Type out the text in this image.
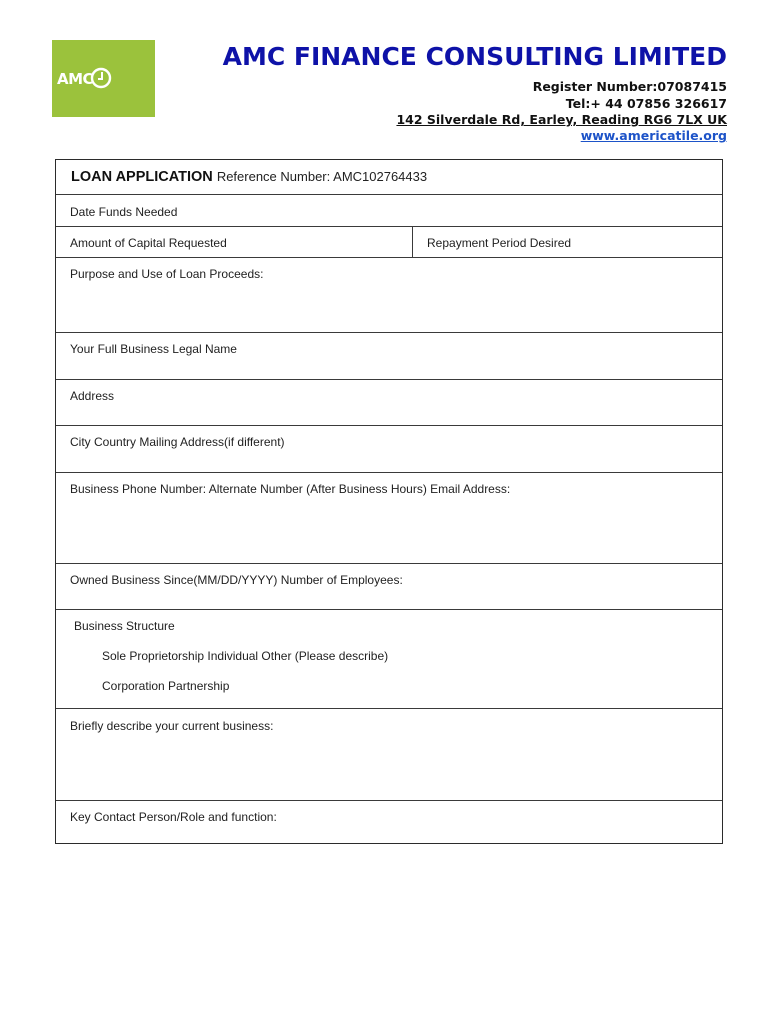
AMC
AMC FINANCE CONSULTING LIMITED
Register Number:07087415
Tel:+ 44 07856 326617
142 Silverdale Rd, Earley, Reading RG6 7LX UK
www.americatile.org
LOAN APPLICATION Reference Number: AMC102764433
Date Funds Needed
Amount of Capital Requested	Repayment Period Desired
Purpose and Use of Loan Proceeds:
Your Full Business Legal Name
Address
City Country Mailing Address(if different)
Business Phone Number: Alternate Number (After Business Hours) Email Address:
Owned Business Since(MM/DD/YYYY) Number of Employees:
Business Structure
Sole Proprietorship Individual Other (Please describe)
Corporation Partnership
Briefly describe your current business:
Key Contact Person/Role and function:
